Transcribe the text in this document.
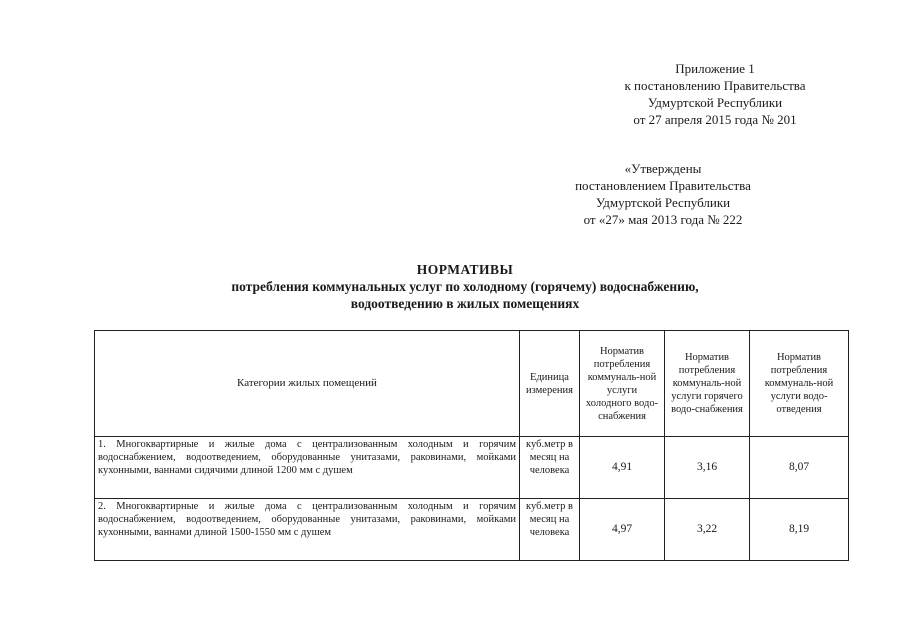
Приложение 1
к постановлению Правительства
Удмуртской Республики
от 27 апреля 2015 года № 201
«Утверждены
постановлением Правительства
Удмуртской Республики
от «27» мая 2013 года № 222
НОРМАТИВЫ
потребления коммунальных услуг по холодному (горячему) водоснабжению,
водоотведению в жилых помещениях
Категории жилых помещений	Единица измерения	Норматив потребления коммуналь-ной услуги холодного водо-снабжения	Норматив потребления коммуналь-ной услуги горячего водо-снабжения	Норматив потребления коммуналь-ной услуги водо-отведения
1. Многоквартирные и жилые дома с централизованным холодным и горячим водоснабжением, водоотведением, оборудованные унитазами, раковинами, мойками кухонными, ваннами сидячими длиной 1200 мм с душем	куб.метр в месяц на человека	4,91	3,16	8,07
2. Многоквартирные и жилые дома с централизованным холодным и горячим водоснабжением, водоотведением, оборудованные унитазами, раковинами, мойками кухонными, ваннами длиной 1500-1550 мм с душем	куб.метр в месяц на человека	4,97	3,22	8,19
